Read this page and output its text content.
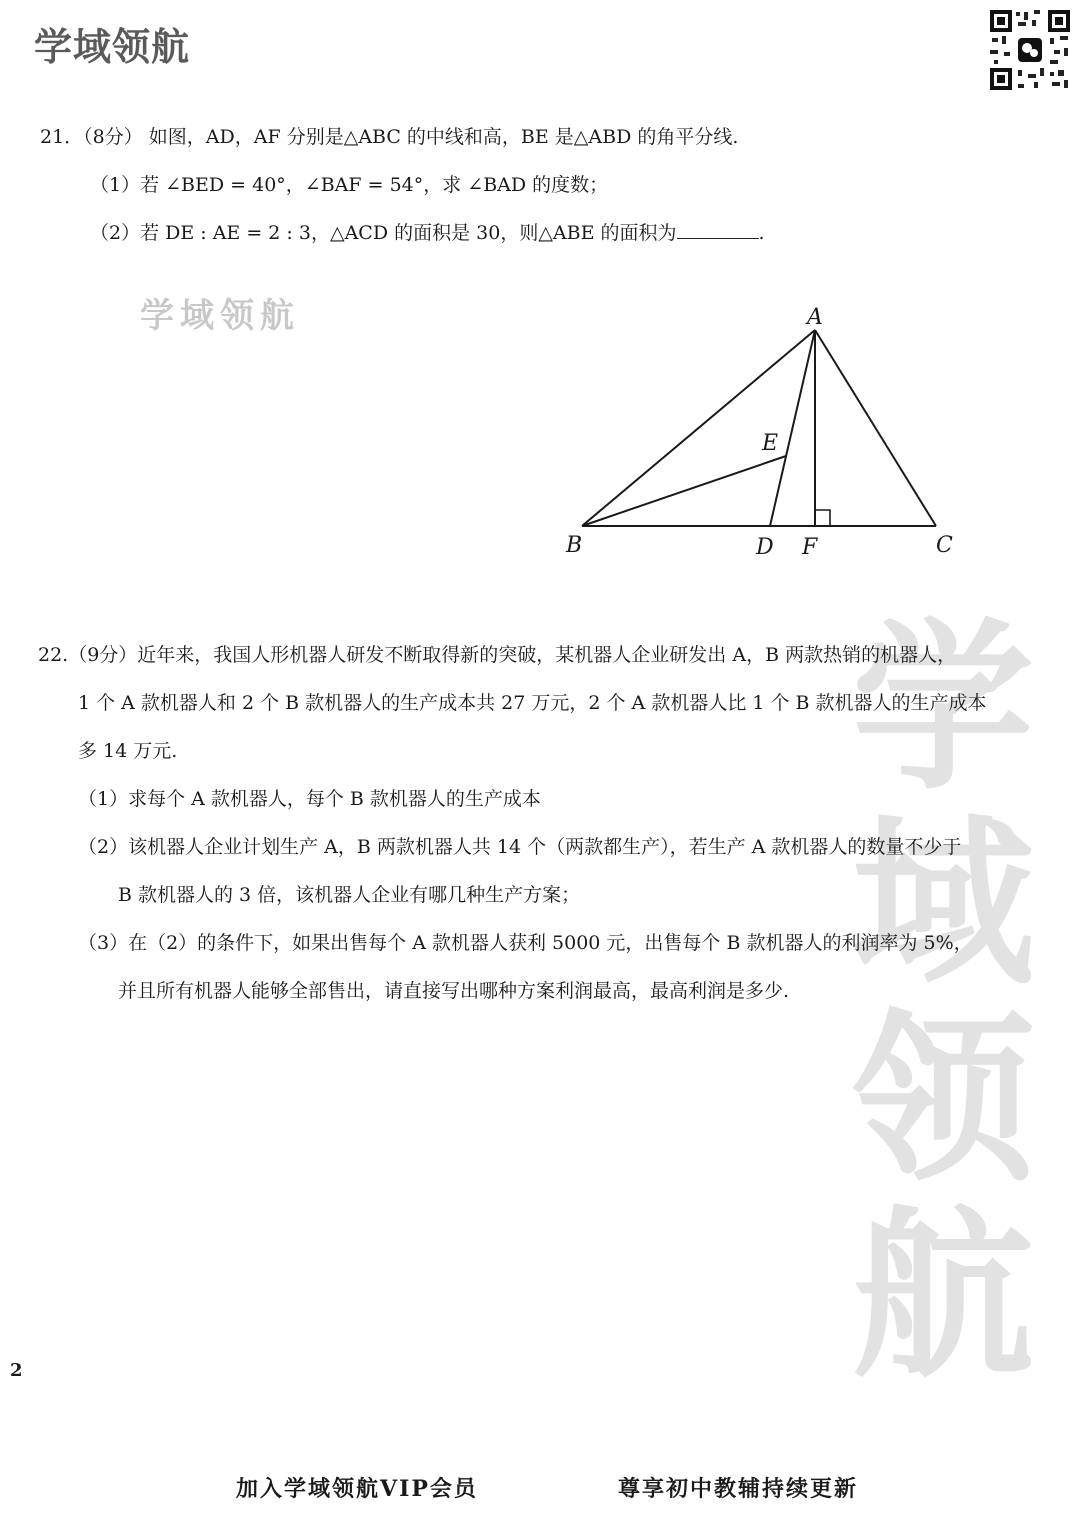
学域领航
学域领航
学
域
领
航
21．（8分） 如图，AD，AF 分别是△ABC 的中线和高，BE 是△ABD 的角平分线.
（1）若 ∠BED = 40°，∠BAF = 54°，求 ∠BAD 的度数；
（2）若 DE : AE = 2 : 3，△ACD 的面积是 30，则△ABE 的面积为	.
A
E
B	D F	C
22.（9分）近年来，我国人形机器人研发不断取得新的突破，某机器人企业研发出 A，B 两款热销的机器人，
1 个 A 款机器人和 2 个 B 款机器人的生产成本共 27 万元，2 个 A 款机器人比 1 个 B 款机器人的生产成本
多 14 万元.
（1）求每个 A 款机器人，每个 B 款机器人的生产成本
（2）该机器人企业计划生产 A，B 两款机器人共 14 个（两款都生产），若生产 A 款机器人的数量不少于
B 款机器人的 3 倍，该机器人企业有哪几种生产方案；
（3）在（2）的条件下，如果出售每个 A 款机器人获利 5000 元，出售每个 B 款机器人的利润率为 5%，
并且所有机器人能够全部售出，请直接写出哪种方案利润最高，最高利润是多少.
2
加入学域领航VIP会员	尊享初中教辅持续更新
